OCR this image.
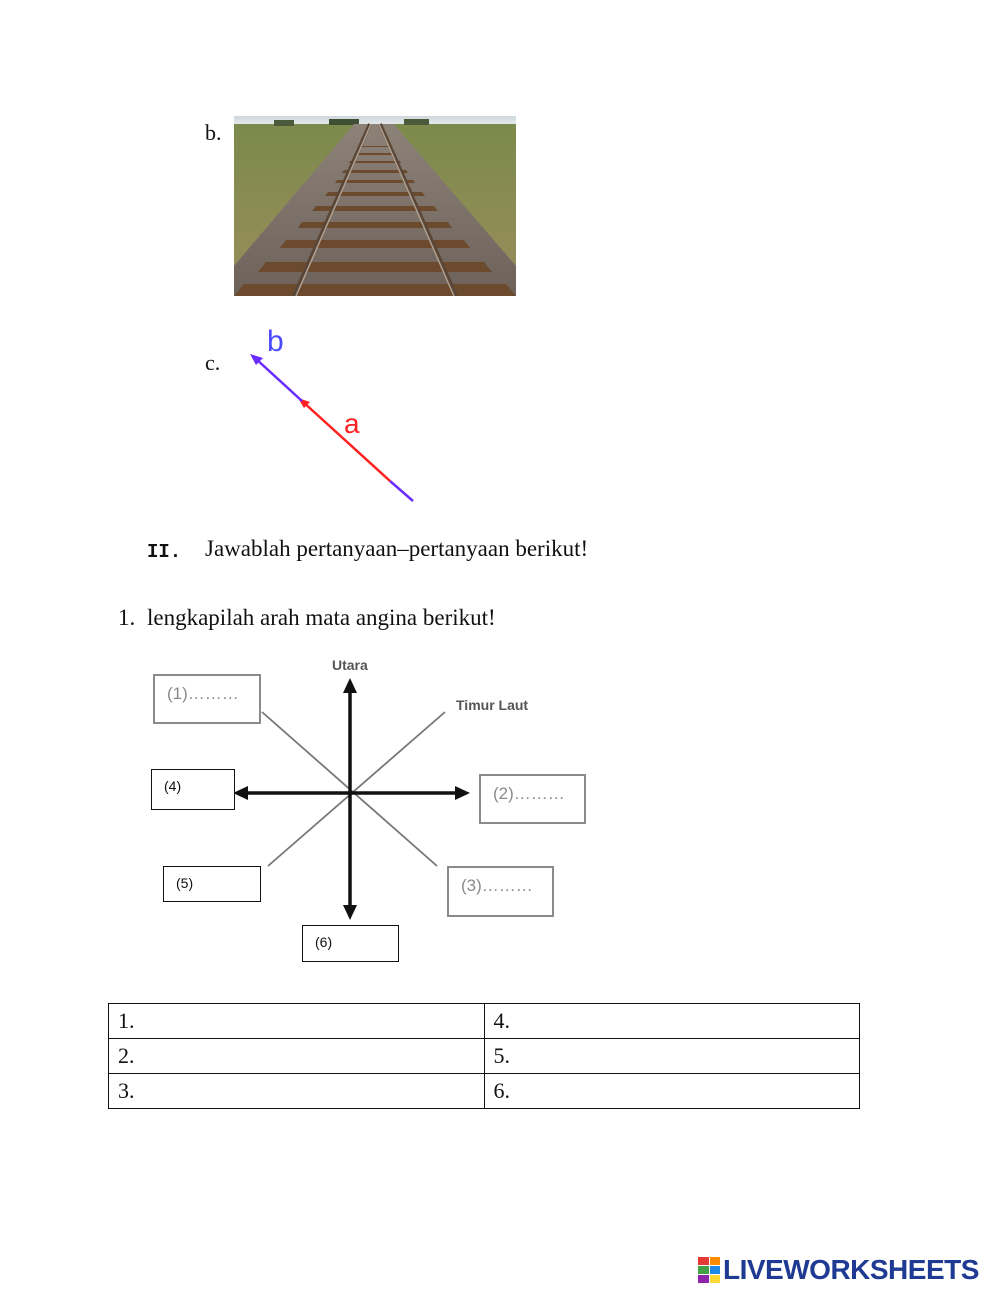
b.
c.
b
a
II. Jawablah pertanyaan–pertanyaan berikut!
1. lengkapilah arah mata angina berikut!
Utara
Timur Laut
(1)………
(2)………
(3)………
(4)
(5)
(6)
1.	4.
2.	5.
3.	6.
LIVEWORKSHEETS
